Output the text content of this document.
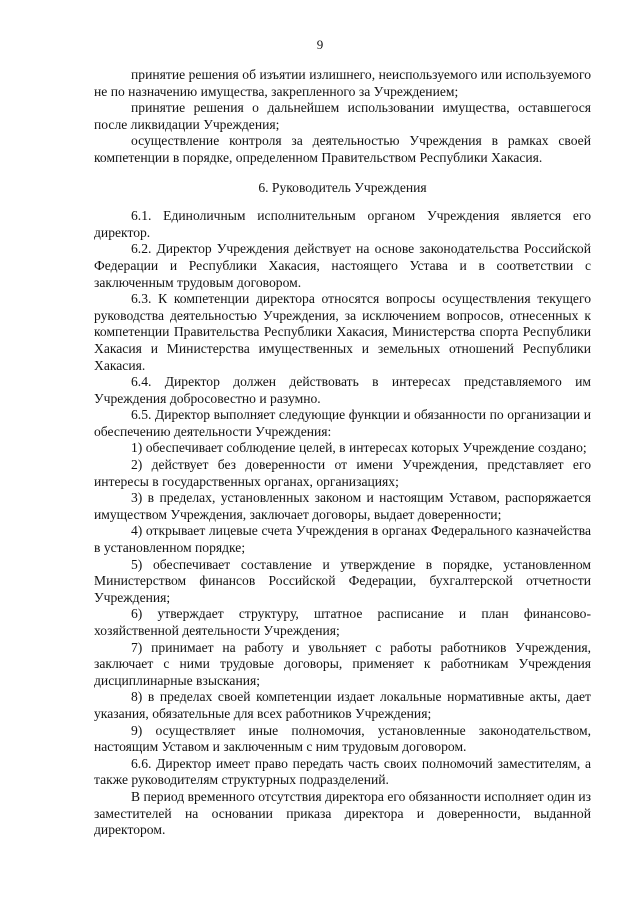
9

принятие решения об изъятии излишнего, неиспользуемого или используемого не по назначению имущества, закрепленного за Учреждением;

принятие решения о дальнейшем использовании имущества, оставшегося после ликвидации Учреждения;

осуществление контроля за деятельностью Учреждения в рамках своей компетенции в порядке, определенном Правительством Республики Хакасия.

6. Руководитель Учреждения

6.1. Единоличным исполнительным органом Учреждения является его директор.

6.2. Директор Учреждения действует на основе законодательства Российской Федерации и Республики Хакасия, настоящего Устава и в соответствии с заключенным трудовым договором.

6.3. К компетенции директора относятся вопросы осуществления текущего руководства деятельностью Учреждения, за исключением вопросов, отнесенных к компетенции Правительства Республики Хакасия, Министерства спорта Республики Хакасия и Министерства имущественных и земельных отношений Республики Хакасия.

6.4. Директор должен действовать в интересах представляемого им Учреждения добросовестно и разумно.

6.5. Директор выполняет следующие функции и обязанности по организации и обеспечению деятельности Учреждения:

1) обеспечивает соблюдение целей, в интересах которых Учреждение создано;

2) действует без доверенности от имени Учреждения, представляет его интересы в государственных органах, организациях;

3) в пределах, установленных законом и настоящим Уставом, распоряжается имуществом Учреждения, заключает договоры, выдает доверенности;

4) открывает лицевые счета Учреждения в органах Федерального казначейства в установленном порядке;

5) обеспечивает составление и утверждение в порядке, установленном Министерством финансов Российской Федерации, бухгалтерской отчетности Учреждения;

6) утверждает структуру, штатное расписание и план финансово-хозяйственной деятельности Учреждения;

7) принимает на работу и увольняет с работы работников Учреждения, заключает с ними трудовые договоры, применяет к работникам Учреждения дисциплинарные взыскания;

8) в пределах своей компетенции издает локальные нормативные акты, дает указания, обязательные для всех работников Учреждения;

9) осуществляет иные полномочия, установленные законодательством, настоящим Уставом и заключенным с ним трудовым договором.

6.6. Директор имеет право передать часть своих полномочий заместителям, а также руководителям структурных подразделений.

В период временного отсутствия директора его обязанности исполняет один из заместителей на основании приказа директора и доверенности, выданной директором.
